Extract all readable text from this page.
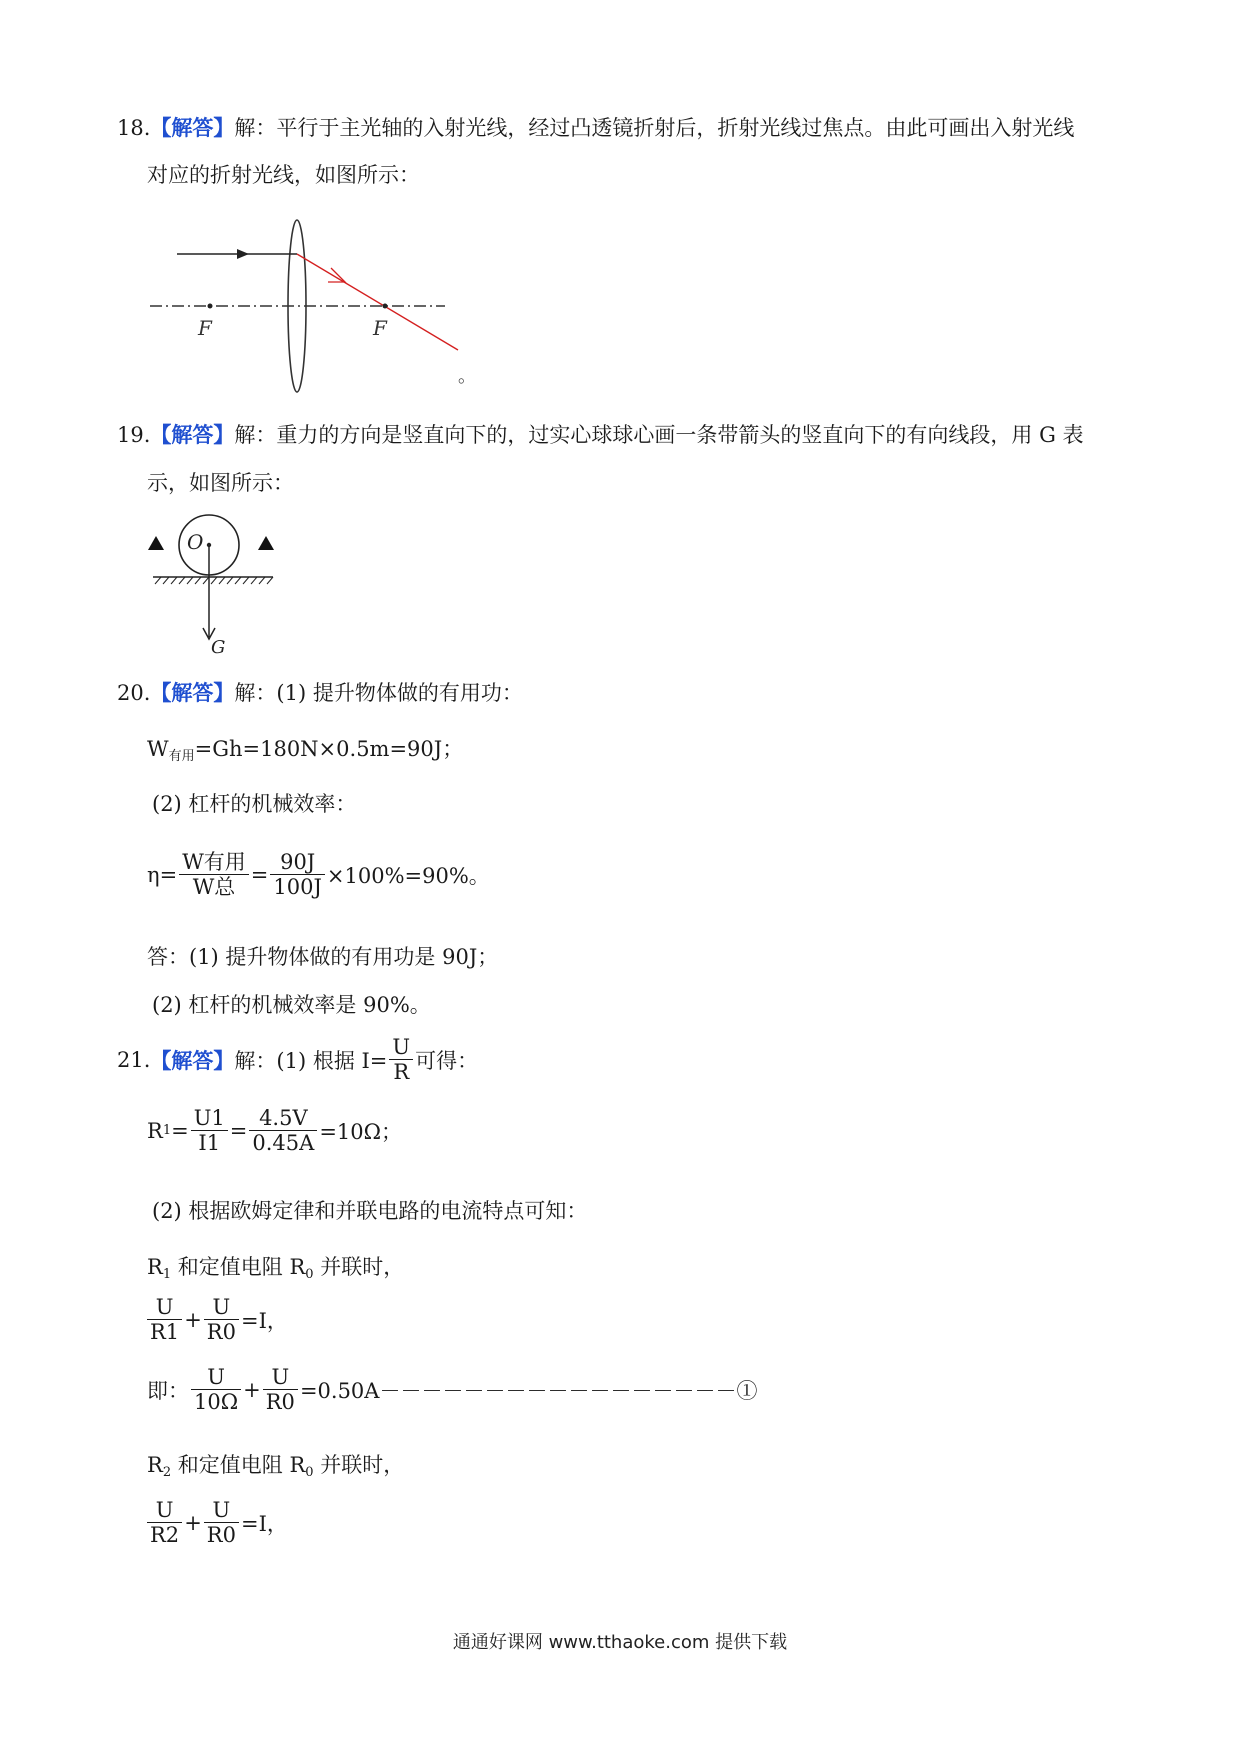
18.【解答】解：平行于主光轴的入射光线，经过凸透镜折射后，折射光线过焦点。由此可画出入射光线
对应的折射光线，如图所示：
F	F
。
19.【解答】解：重力的方向是竖直向下的，过实心球球心画一条带箭头的竖直向下的有向线段，用 G 表
示，如图所示：
O
G
20.【解答】解：(1) 提升物体做的有用功：
$W_{有用}=Gh=180N\times 0.5m=90J$；
(2) 杠杆的机械效率：
$\eta= \frac{\text{W有用}}{\text{W总}} = \frac{90J}{100J} \times 100\%=90\%$。
答：(1) 提升物体做的有用功是 90J；
(2) 杠杆的机械效率是 90%。
21. 【解答】 解：(1) 根据 $I= \frac{U}{R}$ 可得：
R $1 = \frac{U1}{I1} = \frac{4.5V}{0.45A} =10\Omega$；
(2) 根据欧姆定律和并联电路的电流特点可知：
$R_1$ 和定值电阻 $R_0$ 并联时，
$\frac{U}{R1} + \frac{U}{R0} =I$，
即： $\frac{U}{10\Omega} + \frac{U}{R0}$ =0.50A－－－－－－－－－－－－－－－－－①
$R_2$ 和定值电阻 $R_0$ 并联时，
$\frac{U}{R2} + \frac{U}{R0} =I$，
通通好课网 www.tthaoke.com 提供下载
